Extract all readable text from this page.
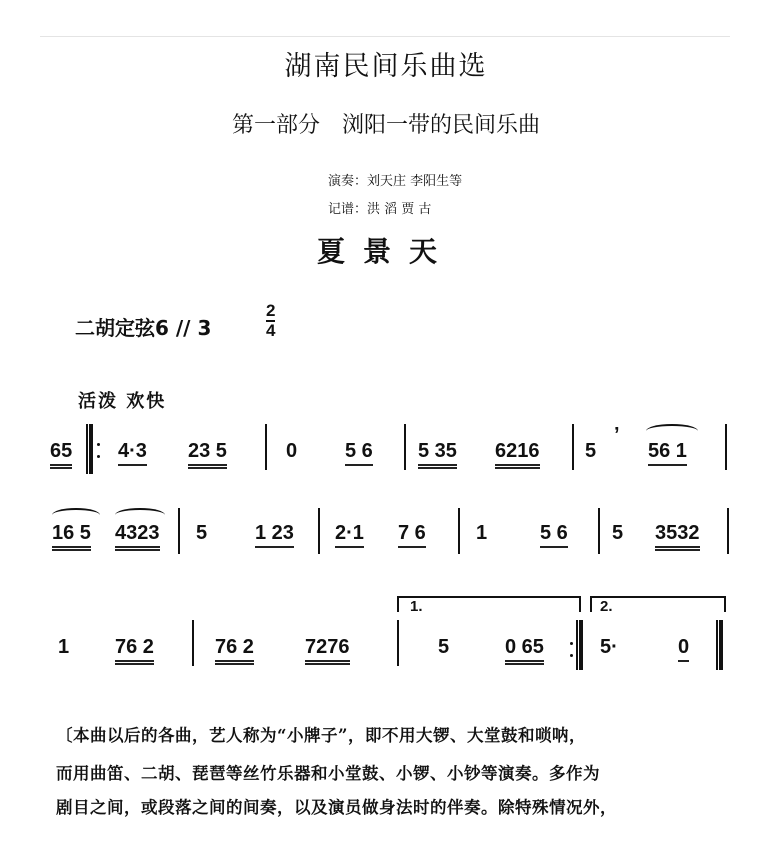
湖南民间乐曲选
第一部分　浏阳一带的民间乐曲
演奏：刘天庄 李阳生等
记谱：洪 滔 贾 古
夏景天
二胡定弦6 // 3
2
4
活泼 欢快
65 4·3 23 5	0 5 6 5 35 6216 5
’
56 1
16 5 4323 5 1 23 2·1 7 6	1	5 6 5 3532
1 76 2	76 2	7276
1.
5	0 65
2.
5·	0
〔本曲以后的各曲，艺人称为“小牌子”，即不用大锣、大堂鼓和唢呐，
而用曲笛、二胡、琵琶等丝竹乐器和小堂鼓、小锣、小钞等演奏。多作为
剧目之间，或段落之间的间奏，以及演员做身法时的伴奏。除特殊情况外，
